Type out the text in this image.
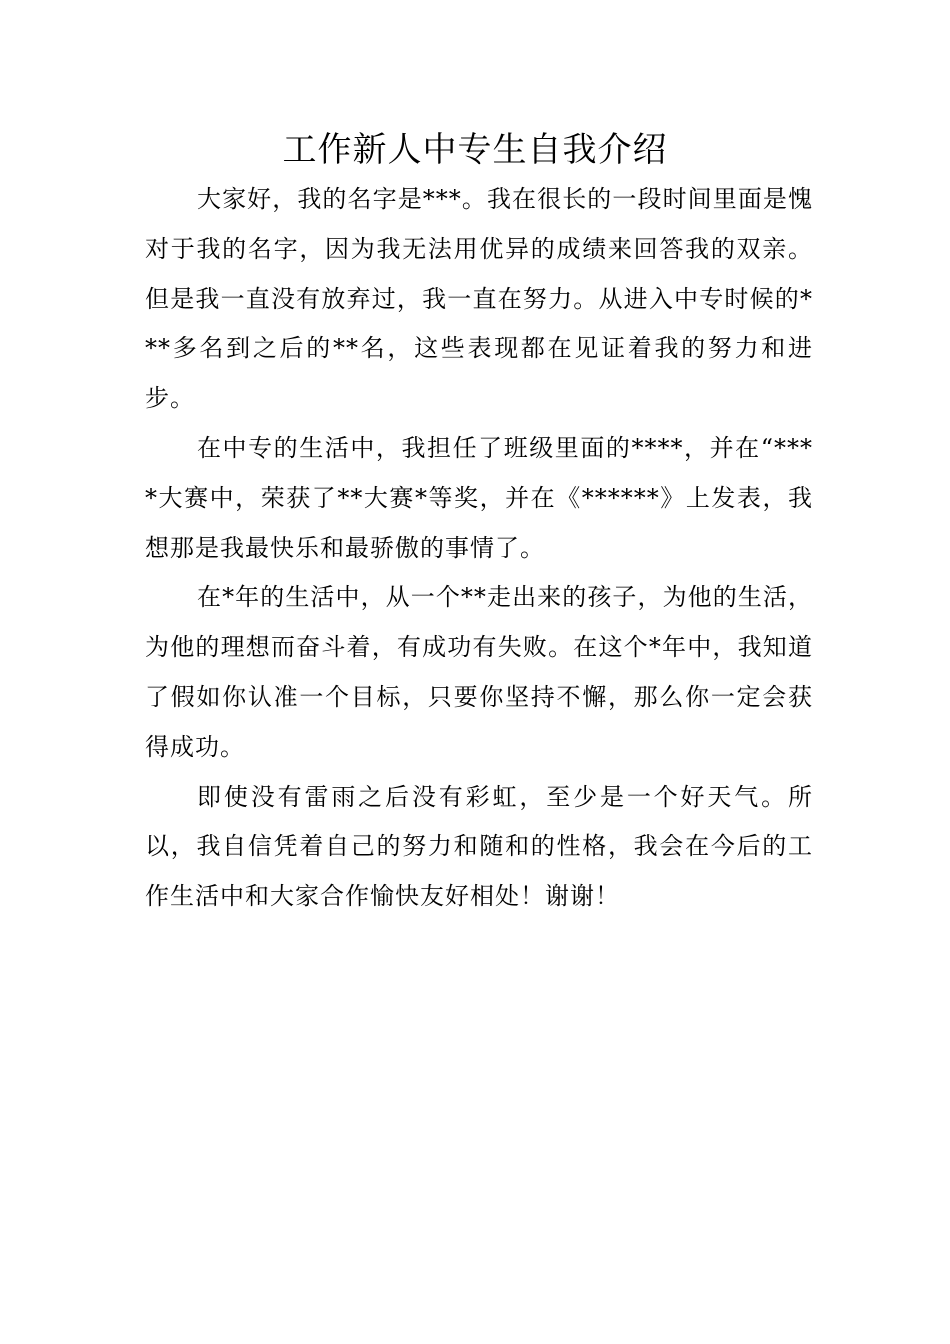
工作新人中专生自我介绍

大家好，我的名字是***。我在很长的一段时间里面是愧对于我的名字，因为我无法用优异的成绩来回答我的双亲。但是我一直没有放弃过，我一直在努力。从进入中专时候的***多名到之后的**名，这些表现都在见证着我的努力和进步。

在中专的生活中，我担任了班级里面的****，并在“****大赛中，荣获了**大赛*等奖，并在《******》上发表，我想那是我最快乐和最骄傲的事情了。

在*年的生活中，从一个**走出来的孩子，为他的生活，为他的理想而奋斗着，有成功有失败。在这个*年中，我知道了假如你认准一个目标，只要你坚持不懈，那么你一定会获得成功。

即使没有雷雨之后没有彩虹，至少是一个好天气。所以，我自信凭着自己的努力和随和的性格，我会在今后的工作生活中和大家合作愉快友好相处！谢谢！
